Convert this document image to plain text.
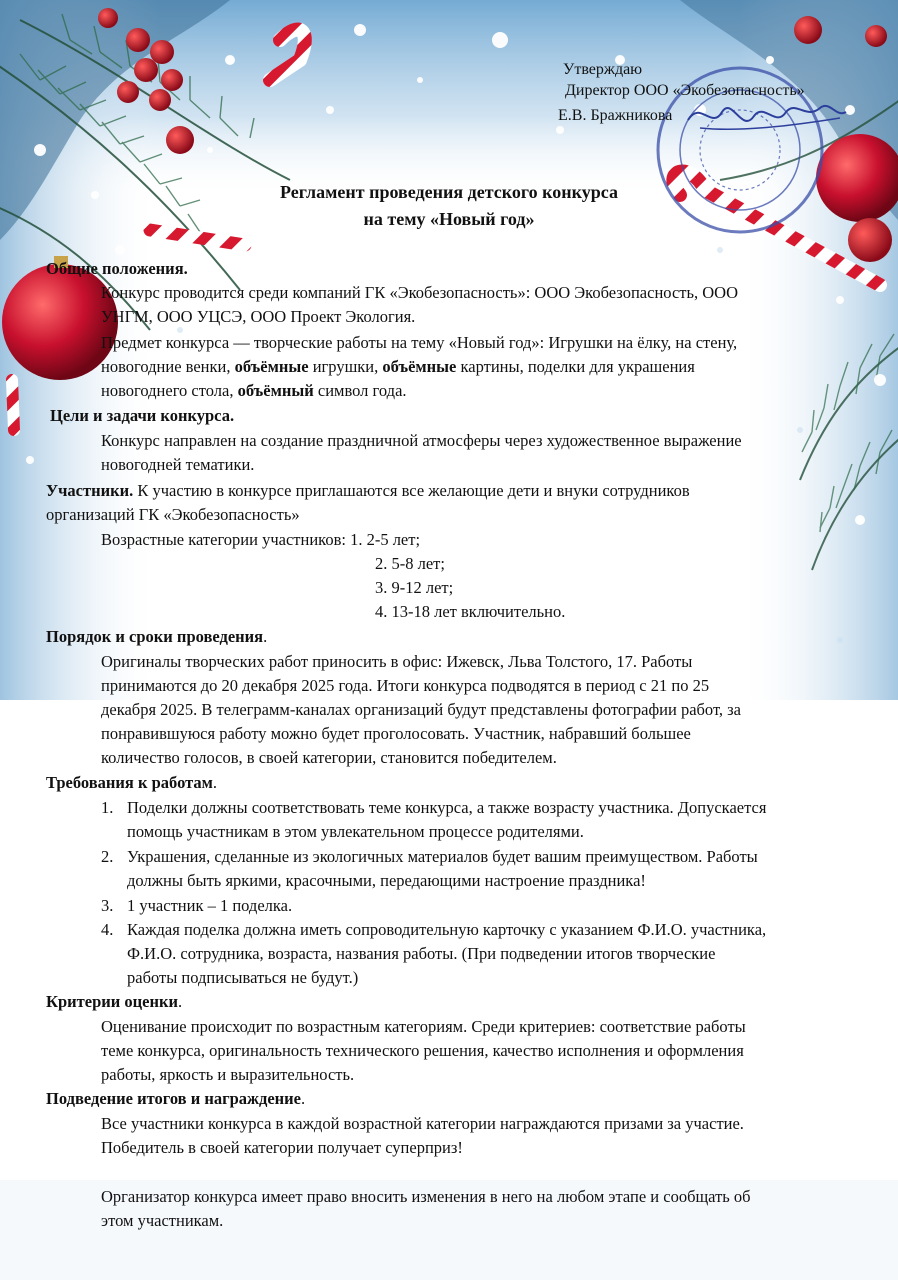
Утверждаю
Директор ООО «Экобезопасность»
Е.В. Бражникова
Регламент проведения детского конкурса
на тему «Новый год»
Общие положения.
Конкурс проводится среди компаний ГК «Экобезопасность»: ООО Экобезопасность, ООО
УНГМ, ООО УЦСЭ, ООО Проект Экология.
Предмет конкурса — творческие работы на тему «Новый год»: Игрушки на ёлку, на стену,
новогодние венки, объёмные игрушки, объёмные картины, поделки для украшения
новогоднего стола, объёмный символ года.
Цели и задачи конкурса.
Конкурс направлен на создание праздничной атмосферы через художественное выражение
новогодней тематики.
Участники. К участию в конкурсе приглашаются все желающие дети и внуки сотрудников
организаций ГК «Экобезопасность»
Возрастные категории участников: 1. 2-5 лет;
2. 5-8 лет;
3. 9-12 лет;
4. 13-18 лет включительно.
Порядок и сроки проведения.
Оригиналы творческих работ приносить в офис: Ижевск, Льва Толстого, 17. Работы
принимаются до 20 декабря 2025 года. Итоги конкурса подводятся в период с 21 по 25
декабря 2025. В телеграмм-каналах организаций будут представлены фотографии работ, за
понравившуюся работу можно будет проголосовать. Участник, набравший большее
количество голосов, в своей категории, становится победителем.
Требования к работам.
1. Поделки должны соответствовать теме конкурса, а также возрасту участника. Допускается
помощь участникам в этом увлекательном процессе родителями.
2. Украшения, сделанные из экологичных материалов будет вашим преимуществом. Работы
должны быть яркими, красочными, передающими настроение праздника!
3. 1 участник – 1 поделка.
4. Каждая поделка должна иметь сопроводительную карточку с указанием Ф.И.О. участника,
Ф.И.О. сотрудника, возраста, названия работы. (При подведении итогов творческие
работы подписываться не будут.)
Критерии оценки.
Оценивание происходит по возрастным категориям. Среди критериев: соответствие работы
теме конкурса, оригинальность технического решения, качество исполнения и оформления
работы, яркость и выразительность.
Подведение итогов и награждение.
Все участники конкурса в каждой возрастной категории награждаются призами за участие.
Победитель в своей категории получает суперприз!
Организатор конкурса имеет право вносить изменения в него на любом этапе и сообщать об
этом участникам.
